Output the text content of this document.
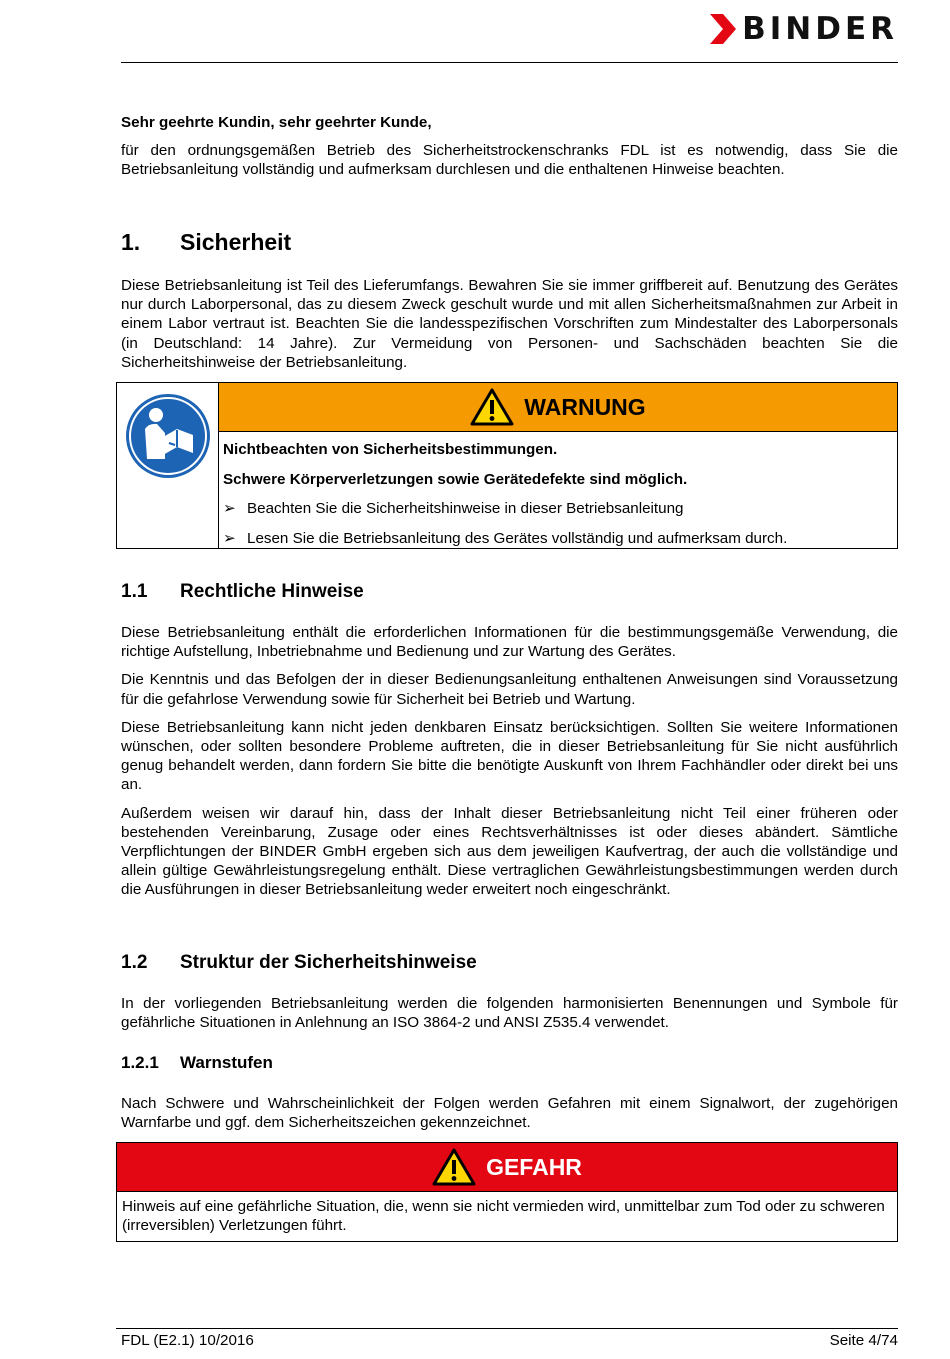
BINDER
Sehr geehrte Kundin, sehr geehrter Kunde,
für den ordnungsgemäßen Betrieb des Sicherheitstrockenschranks FDL ist es notwendig, dass Sie die Betriebsanleitung vollständig und aufmerksam durchlesen und die enthaltenen Hinweise beachten.
1. Sicherheit
Diese Betriebsanleitung ist Teil des Lieferumfangs. Bewahren Sie sie immer griffbereit auf. Benutzung des Gerätes nur durch Laborpersonal, das zu diesem Zweck geschult wurde und mit allen Sicherheitsmaßnahmen zur Arbeit in einem Labor vertraut ist. Beachten Sie die landesspezifischen Vorschriften zum Mindestalter des Laborpersonals (in Deutschland: 14 Jahre). Zur Vermeidung von Personen- und Sachschäden beachten Sie die Sicherheitshinweise der Betriebsanleitung.
WARNUNG
Nichtbeachten von Sicherheitsbestimmungen.
Schwere Körperverletzungen sowie Gerätedefekte sind möglich.
➢ Beachten Sie die Sicherheitshinweise in dieser Betriebsanleitung
➢ Lesen Sie die Betriebsanleitung des Gerätes vollständig und aufmerksam durch.
1.1 Rechtliche Hinweise

Diese Betriebsanleitung enthält die erforderlichen Informationen für die bestimmungsgemäße Verwendung, die richtige Aufstellung, Inbetriebnahme und Bedienung und zur Wartung des Gerätes.

Die Kenntnis und das Befolgen der in dieser Bedienungsanleitung enthaltenen Anweisungen sind Voraussetzung für die gefahrlose Verwendung sowie für Sicherheit bei Betrieb und Wartung.

Diese Betriebsanleitung kann nicht jeden denkbaren Einsatz berücksichtigen. Sollten Sie weitere Informationen wünschen, oder sollten besondere Probleme auftreten, die in dieser Betriebsanleitung für Sie nicht ausführlich genug behandelt werden, dann fordern Sie bitte die benötigte Auskunft von Ihrem Fachhändler oder direkt bei uns an.

Außerdem weisen wir darauf hin, dass der Inhalt dieser Betriebsanleitung nicht Teil einer früheren oder bestehenden Vereinbarung, Zusage oder eines Rechtsverhältnisses ist oder dieses abändert. Sämtliche Verpflichtungen der BINDER GmbH ergeben sich aus dem jeweiligen Kaufvertrag, der auch die vollständige und allein gültige Gewährleistungsregelung enthält. Diese vertraglichen Gewährleistungsbestimmungen werden durch die Ausführungen in dieser Betriebsanleitung weder erweitert noch eingeschränkt.

1.2 Struktur der Sicherheitshinweise
In der vorliegenden Betriebsanleitung werden die folgenden harmonisierten Benennungen und Symbole für gefährliche Situationen in Anlehnung an ISO 3864-2 und ANSI Z535.4 verwendet.
1.2.1 Warnstufen
Nach Schwere und Wahrscheinlichkeit der Folgen werden Gefahren mit einem Signalwort, der zugehörigen Warnfarbe und ggf. dem Sicherheitszeichen gekennzeichnet.
GEFAHR
Hinweis auf eine gefährliche Situation, die, wenn sie nicht vermieden wird, unmittelbar zum Tod oder zu schweren (irreversiblen) Verletzungen führt.
FDL (E2.1) 10/2016	Seite 4/74
